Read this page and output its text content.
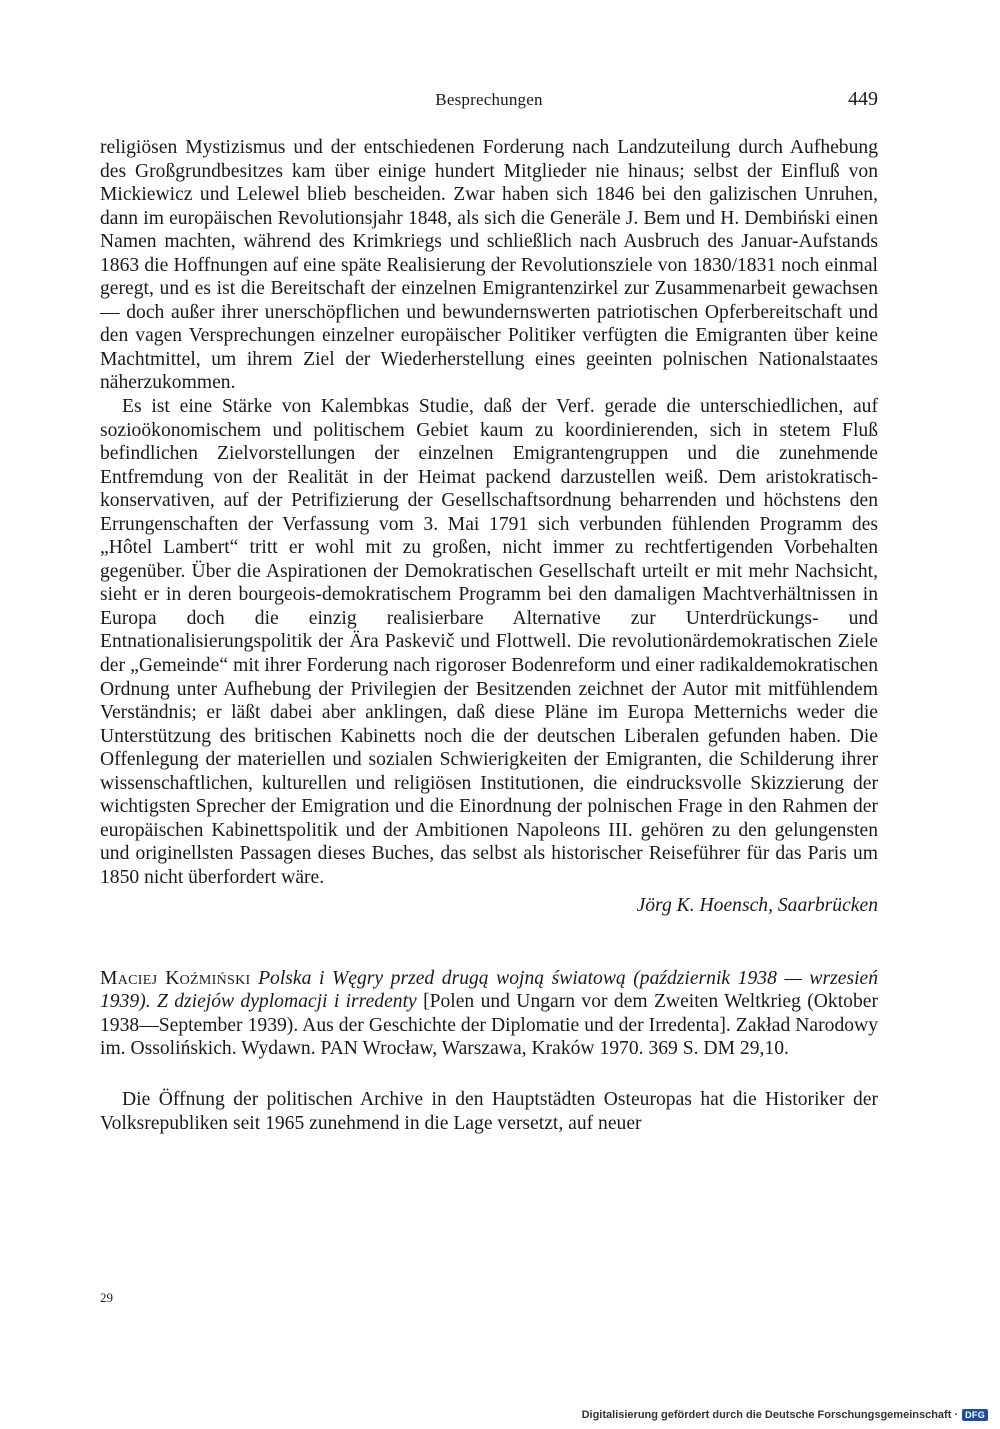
Besprechungen	449

religiösen Mystizismus und der entschiedenen Forderung nach Landzuteilung durch Aufhebung des Großgrundbesitzes kam über einige hundert Mitglieder nie hinaus; selbst der Einfluß von Mickiewicz und Lelewel blieb bescheiden. Zwar haben sich 1846 bei den galizischen Unruhen, dann im europäischen Revolutionsjahr 1848, als sich die Generäle J. Bem und H. Dembiński einen Namen machten, während des Krimkriegs und schließlich nach Ausbruch des Januar-Aufstands 1863 die Hoffnungen auf eine späte Realisierung der Revolutionsziele von 1830/1831 noch einmal geregt, und es ist die Bereitschaft der einzelnen Emigrantenzirkel zur Zusammenarbeit gewachsen — doch außer ihrer unerschöpflichen und bewundernswerten patriotischen Opferbereitschaft und den vagen Versprechungen einzelner europäischer Politiker verfügten die Emigranten über keine Machtmittel, um ihrem Ziel der Wiederherstellung eines geeinten polnischen Nationalstaates näherzukommen.

Es ist eine Stärke von Kalembkas Studie, daß der Verf. gerade die unterschiedlichen, auf sozioökonomischem und politischem Gebiet kaum zu koordinierenden, sich in stetem Fluß befindlichen Zielvorstellungen der einzelnen Emigrantengruppen und die zunehmende Entfremdung von der Realität in der Heimat packend darzustellen weiß. Dem aristokratisch-konservativen, auf der Petrifizierung der Gesellschaftsordnung beharrenden und höchstens den Errungenschaften der Verfassung vom 3. Mai 1791 sich verbunden fühlenden Programm des „Hôtel Lambert“ tritt er wohl mit zu großen, nicht immer zu rechtfertigenden Vorbehalten gegenüber. Über die Aspirationen der Demokratischen Gesellschaft urteilt er mit mehr Nachsicht, sieht er in deren bourgeois-demokratischem Programm bei den damaligen Machtverhältnissen in Europa doch die einzig realisierbare Alternative zur Unterdrückungs- und Entnationalisierungspolitik der Ära Paskevič und Flottwell. Die revolutionärdemokratischen Ziele der „Gemeinde“ mit ihrer Forderung nach rigoroser Bodenreform und einer radikaldemokratischen Ordnung unter Aufhebung der Privilegien der Besitzenden zeichnet der Autor mit mitfühlendem Verständnis; er läßt dabei aber anklingen, daß diese Pläne im Europa Metternichs weder die Unterstützung des britischen Kabinetts noch die der deutschen Liberalen gefunden haben. Die Offenlegung der materiellen und sozialen Schwierigkeiten der Emigranten, die Schilderung ihrer wissenschaftlichen, kulturellen und religiösen Institutionen, die eindrucksvolle Skizzierung der wichtigsten Sprecher der Emigration und die Einordnung der polnischen Frage in den Rahmen der europäischen Kabinettspolitik und der Ambitionen Napoleons III. gehören zu den gelungensten und originellsten Passagen dieses Buches, das selbst als historischer Reiseführer für das Paris um 1850 nicht überfordert wäre.

Jörg K. Hoensch, Saarbrücken

Maciej Koźmiński Polska i Węgry przed drugą wojną światową (październik 1938 — wrzesień 1939). Z dziejów dyplomacji i irredenty [Polen und Ungarn vor dem Zweiten Weltkrieg (Oktober 1938—September 1939). Aus der Geschichte der Diplomatie und der Irredenta]. Zakład Narodowy im. Ossolińskich. Wydawn. PAN Wrocław, Warszawa, Kraków 1970. 369 S. DM 29,10.

Die Öffnung der politischen Archive in den Hauptstädten Osteuropas hat die Historiker der Volksrepubliken seit 1965 zunehmend in die Lage versetzt, auf neuer

29
Digitalisierung gefördert durch die Deutsche Forschungsgemeinschaft · DFG
